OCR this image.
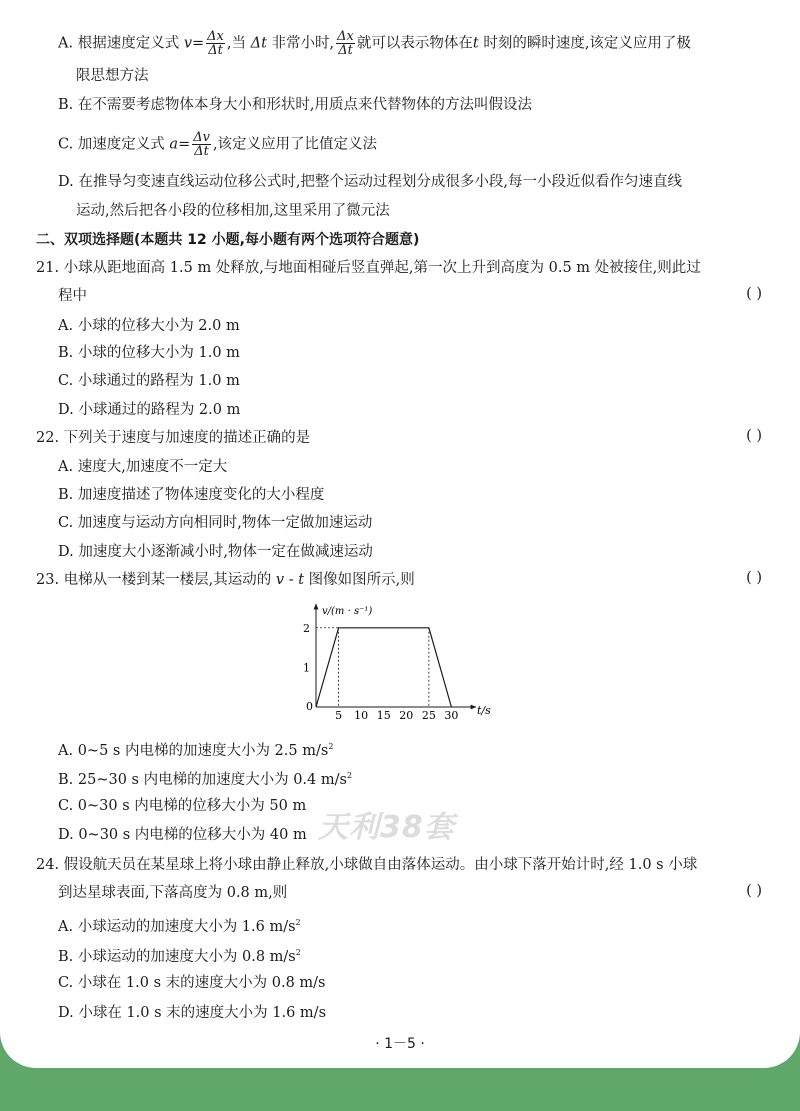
A. 根据速度定义式 $v= \frac{\Delta x}{\Delta t}$ ,当 Δt 非常小时, $\frac{\Delta x}{\Delta t}$ 就可以表示物体在t 时刻的瞬时速度,该定义应用了极
限思想方法
B. 在不需要考虑物体本身大小和形状时,用质点来代替物体的方法叫假设法
C. 加速度定义式 $a= \frac{\Delta v}{\Delta t}$ ,该定义应用了比值定义法
D. 在推导匀变速直线运动位移公式时,把整个运动过程划分成很多小段,每一小段近似看作匀速直线
运动,然后把各小段的位移相加,这里采用了微元法
二、双项选择题(本题共 12 小题,每小题有两个选项符合题意)
21. 小球从距地面高 1.5 m 处释放,与地面相碰后竖直弹起,第一次上升到高度为 0.5 m 处被接住,则此过
程中	( )
A. 小球的位移大小为 2.0 m
B. 小球的位移大小为 1.0 m
C. 小球通过的路程为 1.0 m
D. 小球通过的路程为 2.0 m
22. 下列关于速度与加速度的描述正确的是	( )
A. 速度大,加速度不一定大
B. 加速度描述了物体速度变化的大小程度
C. 加速度与运动方向相同时,物体一定做加速运动
D. 加速度大小逐渐减小时,物体一定在做减速运动
23. 电梯从一楼到某一楼层,其运动的 v - t 图像如图所示,则	( )
v/(m · s⁻¹)
t/s
0
5 10 15 20 25 30
1
2
A. 0~5 s 内电梯的加速度大小为 2.5 $m/s^2$
B. 25~30 s 内电梯的加速度大小为 0.4 $m/s^2$
C. 0~30 s 内电梯的位移大小为 50 m
D. 0~30 s 内电梯的位移大小为 40 m 天利38套
24. 假设航天员在某星球上将小球由静止释放,小球做自由落体运动。由小球下落开始计时,经 1.0 s 小球
到达星球表面,下落高度为 0.8 m,则	( )
A. 小球运动的加速度大小为 1.6 $m/s^2$
B. 小球运动的加速度大小为 0.8 $m/s^2$
C. 小球在 1.0 s 末的速度大小为 0.8 m/s
D. 小球在 1.0 s 末的速度大小为 1.6 m/s
· 1－5 ·
